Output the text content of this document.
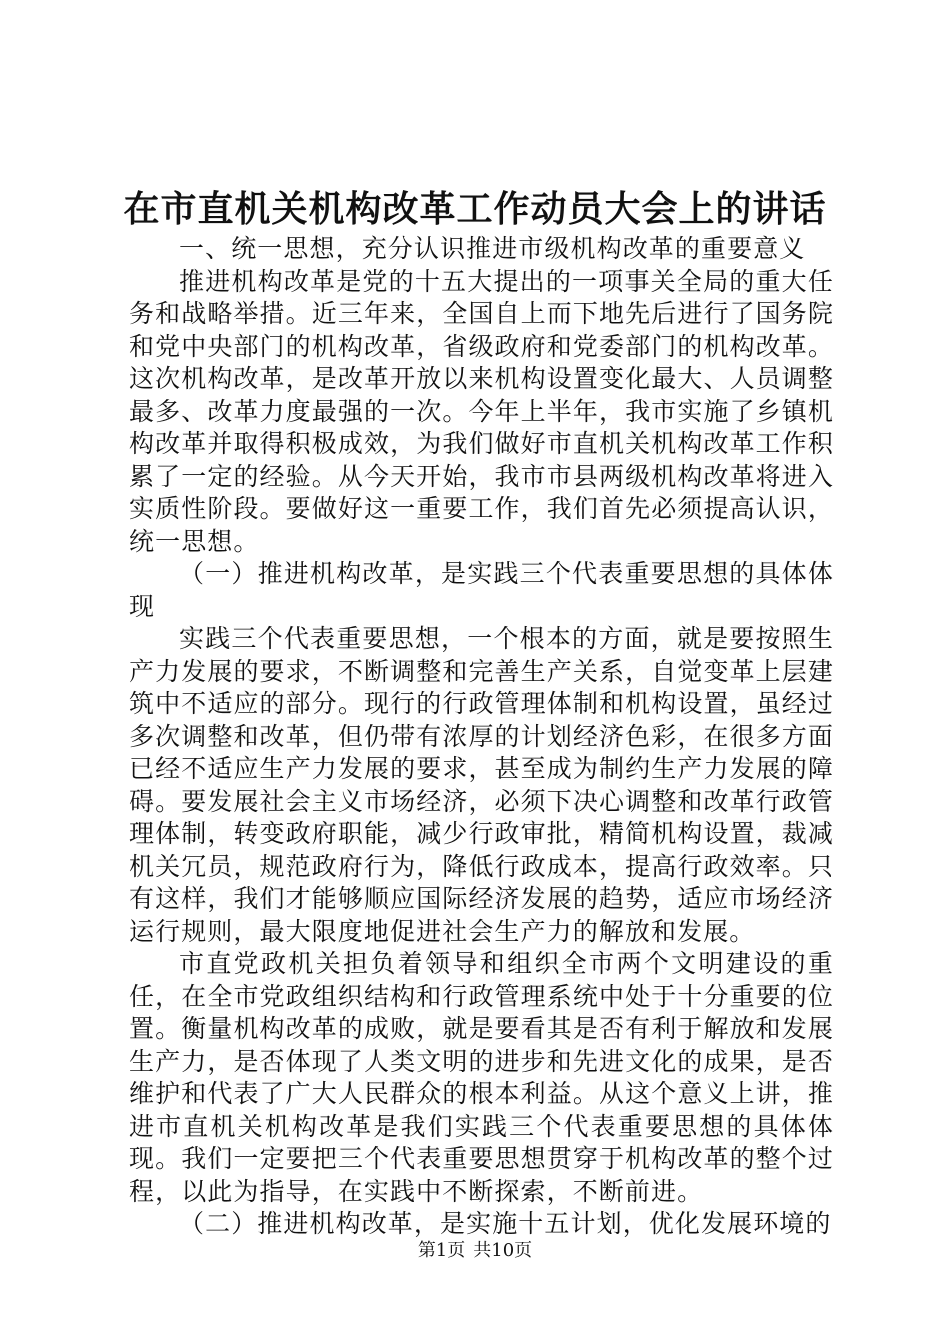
在市直机关机构改革工作动员大会上的讲话

一、统一思想，充分认识推进市级机构改革的重要意义

推进机构改革是党的十五大提出的一项事关全局的重大任务和战略举措。近三年来，全国自上而下地先后进行了国务院和党中央部门的机构改革，省级政府和党委部门的机构改革。这次机构改革，是改革开放以来机构设置变化最大、人员调整最多、改革力度最强的一次。今年上半年，我市实施了乡镇机构改革并取得积极成效，为我们做好市直机关机构改革工作积累了一定的经验。从今天开始，我市市县两级机构改革将进入实质性阶段。要做好这一重要工作，我们首先必须提高认识，统一思想。

（一）推进机构改革，是实践三个代表重要思想的具体体现

实践三个代表重要思想，一个根本的方面，就是要按照生产力发展的要求，不断调整和完善生产关系，自觉变革上层建筑中不适应的部分。现行的行政管理体制和机构设置，虽经过多次调整和改革，但仍带有浓厚的计划经济色彩，在很多方面已经不适应生产力发展的要求，甚至成为制约生产力发展的障碍。要发展社会主义市场经济，必须下决心调整和改革行政管理体制，转变政府职能，减少行政审批，精简机构设置，裁减机关冗员，规范政府行为，降低行政成本，提高行政效率。只有这样，我们才能够顺应国际经济发展的趋势，适应市场经济运行规则，最大限度地促进社会生产力的解放和发展。

市直党政机关担负着领导和组织全市两个文明建设的重任，在全市党政组织结构和行政管理系统中处于十分重要的位置。衡量机构改革的成败，就是要看其是否有利于解放和发展生产力，是否体现了人类文明的进步和先进文化的成果，是否维护和代表了广大人民群众的根本利益。从这个意义上讲，推进市直机关机构改革是我们实践三个代表重要思想的具体体现。我们一定要把三个代表重要思想贯穿于机构改革的整个过程，以此为指导，在实践中不断探索，不断前进。

（二）推进机构改革，是实施十五计划，优化发展环境的

第1页 共10页
